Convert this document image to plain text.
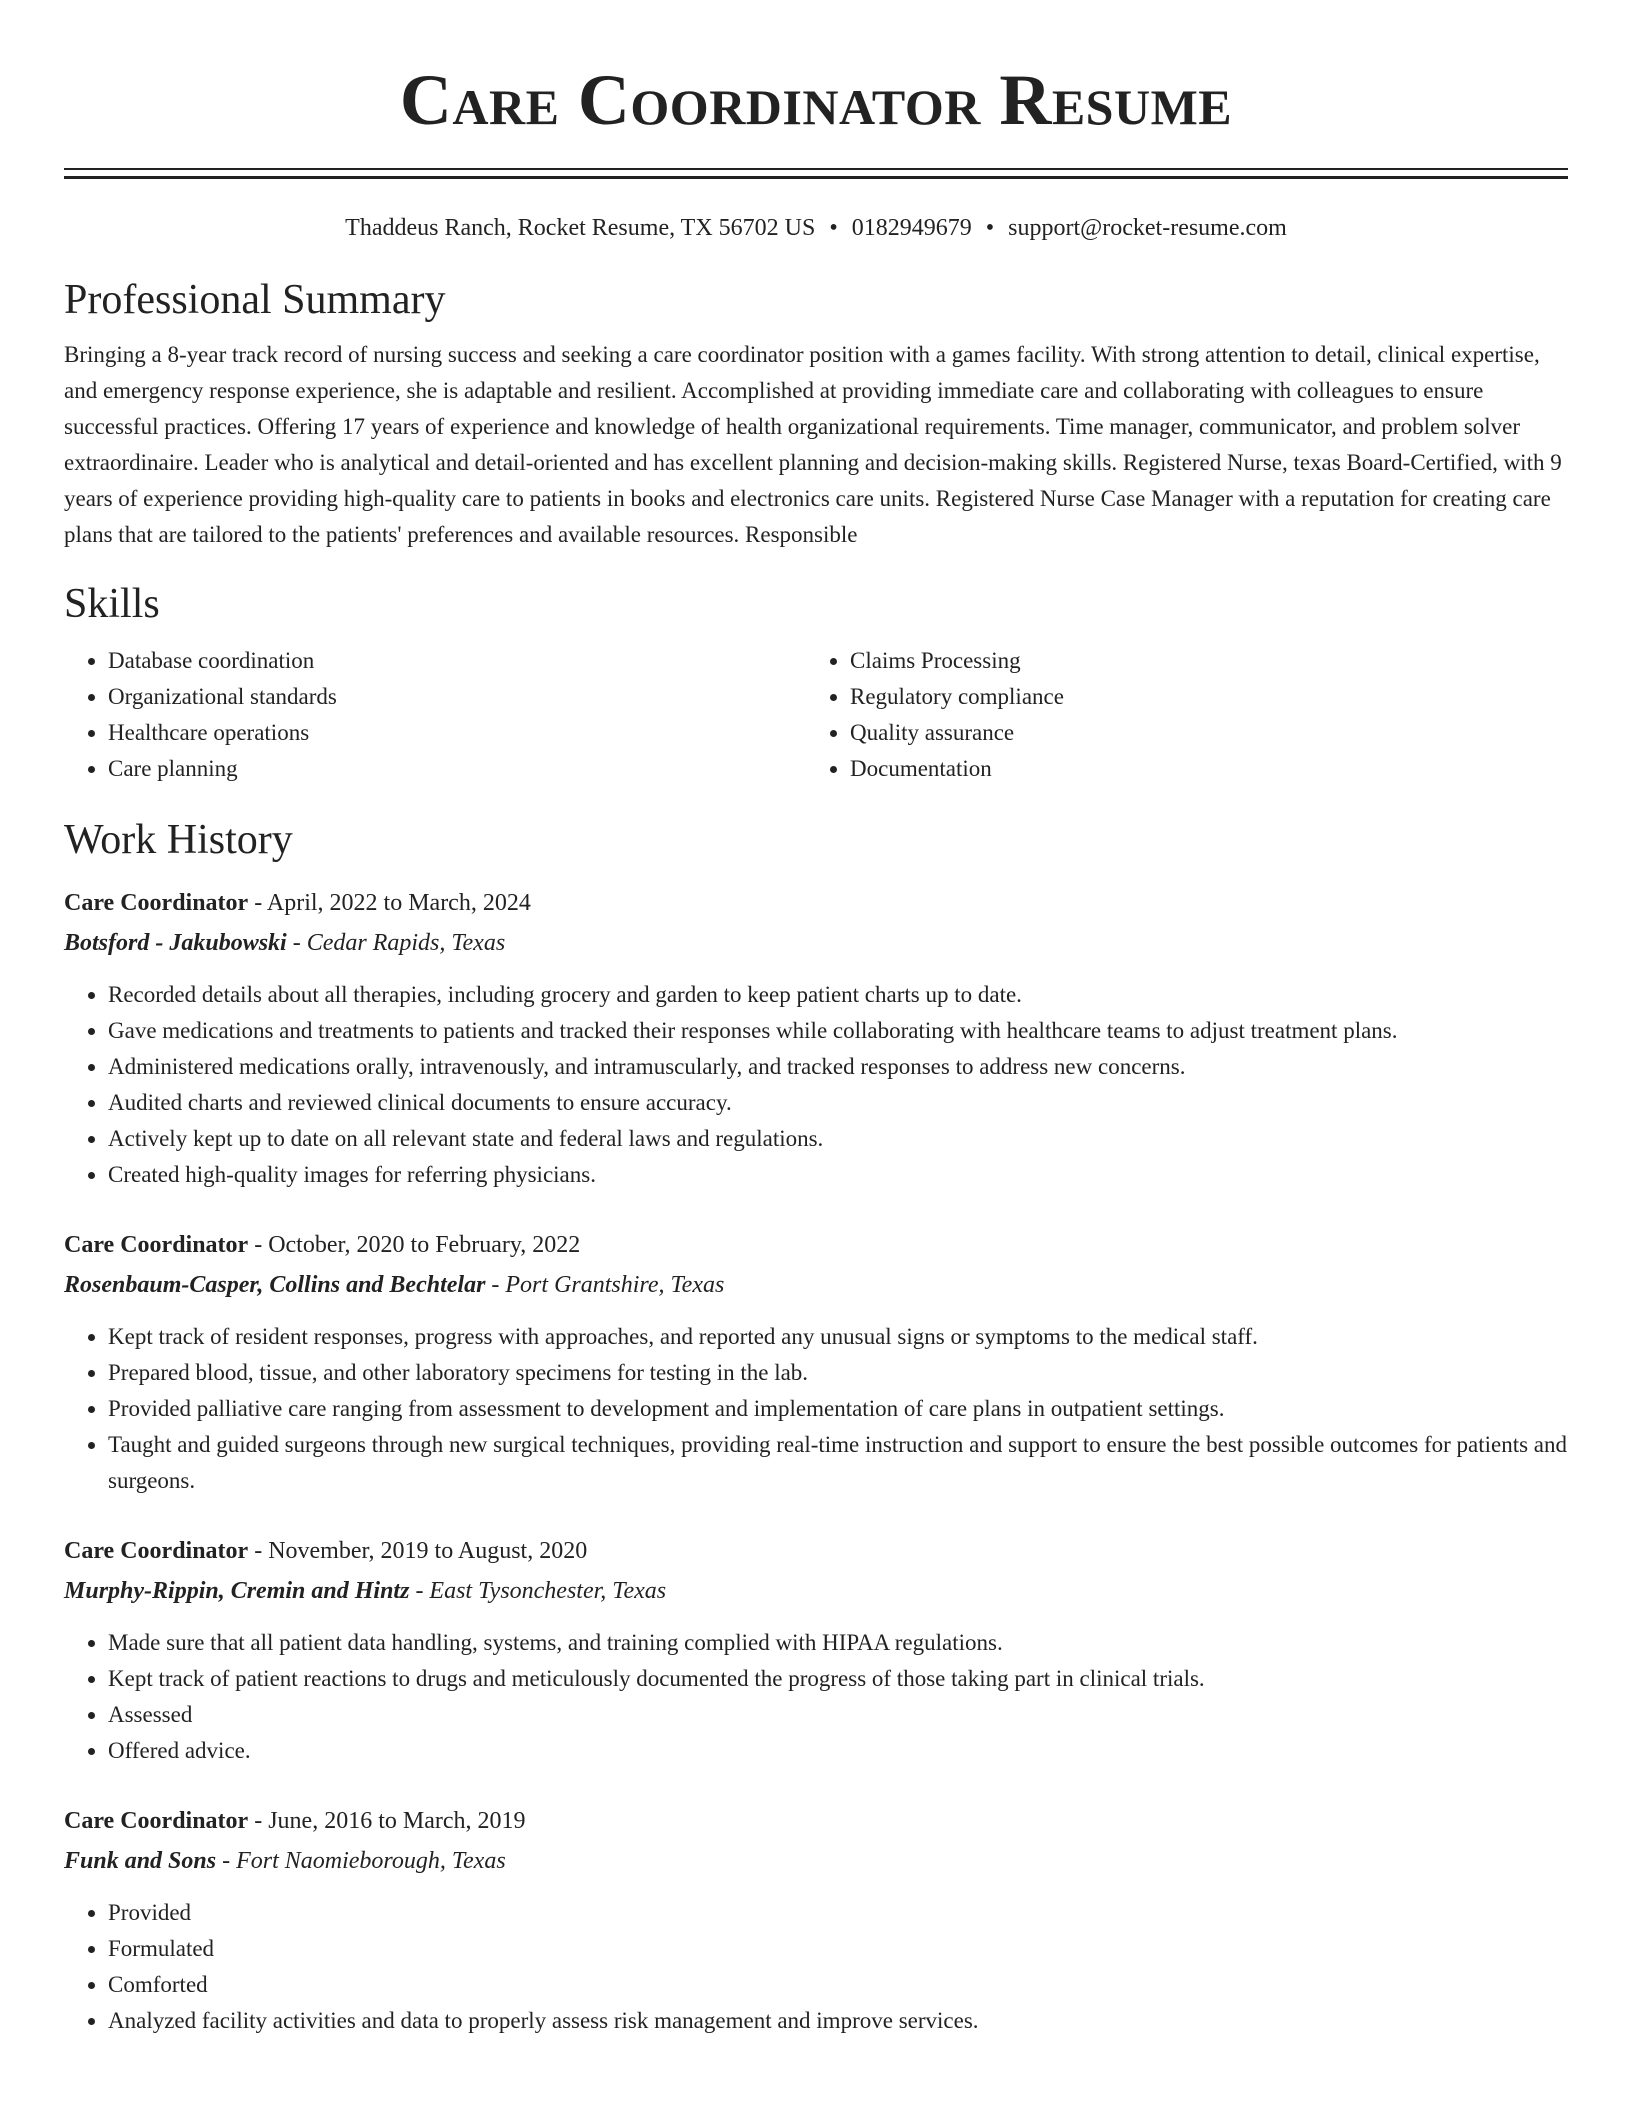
Care Coordinator Resume
Thaddeus Ranch, Rocket Resume, TX 56702 US • 0182949679 • support@rocket-resume.com
Professional Summary
Bringing a 8-year track record of nursing success and seeking a care coordinator position with a games facility. With strong attention to detail, clinical expertise, and emergency response experience, she is adaptable and resilient. Accomplished at providing immediate care and collaborating with colleagues to ensure successful practices. Offering 17 years of experience and knowledge of health organizational requirements. Time manager, communicator, and problem solver extraordinaire. Leader who is analytical and detail-oriented and has excellent planning and decision-making skills. Registered Nurse, texas Board-Certified, with 9 years of experience providing high-quality care to patients in books and electronics care units. Registered Nurse Case Manager with a reputation for creating care plans that are tailored to the patients' preferences and available resources. Responsible
Skills
• Database coordination
• Organizational standards
• Healthcare operations
• Care planning
• Claims Processing
• Regulatory compliance
• Quality assurance
• Documentation
Work History
Care Coordinator - April, 2022 to March, 2024
Botsford - Jakubowski - Cedar Rapids, Texas
• Recorded details about all therapies, including grocery and garden to keep patient charts up to date.
• Gave medications and treatments to patients and tracked their responses while collaborating with healthcare teams to adjust treatment plans.
• Administered medications orally, intravenously, and intramuscularly, and tracked responses to address new concerns.
• Audited charts and reviewed clinical documents to ensure accuracy.
• Actively kept up to date on all relevant state and federal laws and regulations.
• Created high-quality images for referring physicians.
Care Coordinator - October, 2020 to February, 2022
Rosenbaum-Casper, Collins and Bechtelar - Port Grantshire, Texas
• Kept track of resident responses, progress with approaches, and reported any unusual signs or symptoms to the medical staff.
• Prepared blood, tissue, and other laboratory specimens for testing in the lab.
• Provided palliative care ranging from assessment to development and implementation of care plans in outpatient settings.
• Taught and guided surgeons through new surgical techniques, providing real-time instruction and support to ensure the best possible outcomes for patients and surgeons.
Care Coordinator - November, 2019 to August, 2020
Murphy-Rippin, Cremin and Hintz - East Tysonchester, Texas
• Made sure that all patient data handling, systems, and training complied with HIPAA regulations.
• Kept track of patient reactions to drugs and meticulously documented the progress of those taking part in clinical trials.
• Assessed
• Offered advice.
Care Coordinator - June, 2016 to March, 2019
Funk and Sons - Fort Naomieborough, Texas
• Provided
• Formulated
• Comforted
• Analyzed facility activities and data to properly assess risk management and improve services.
